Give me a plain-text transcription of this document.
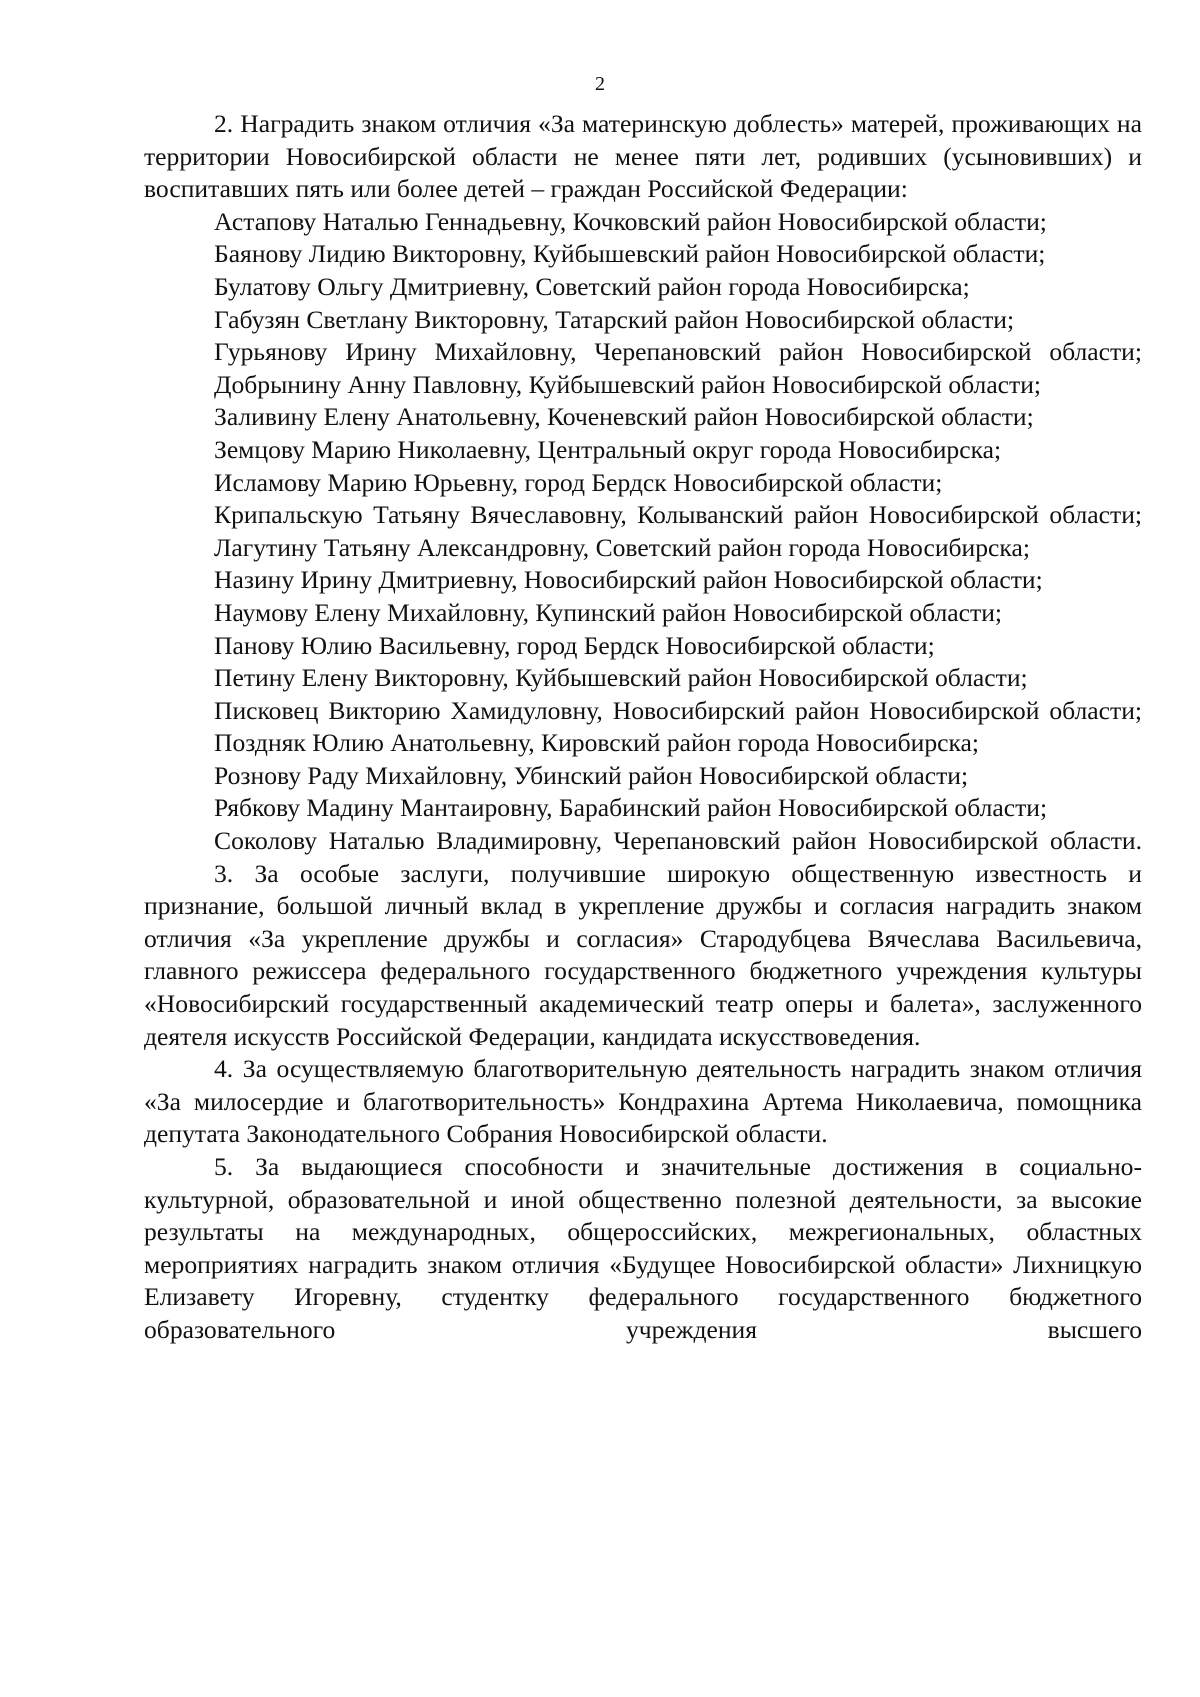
2

2. Наградить знаком отличия «За материнскую доблесть» матерей, проживающих на территории Новосибирской области не менее пяти лет, родивших (усыновивших) и воспитавших пять или более детей – граждан Российской Федерации:

Астапову Наталью Геннадьевну, Кочковский район Новосибирской области;

Баянову Лидию Викторовну, Куйбышевский район Новосибирской области;

Булатову Ольгу Дмитриевну, Советский район города Новосибирска;

Габузян Светлану Викторовну, Татарский район Новосибирской области;

Гурьянову Ирину Михайловну, Черепановский район Новосибирской области;

Добрынину Анну Павловну, Куйбышевский район Новосибирской области;

Заливину Елену Анатольевну, Коченевский район Новосибирской области;

Земцову Марию Николаевну, Центральный округ города Новосибирска;

Исламову Марию Юрьевну, город Бердск Новосибирской области;

Крипальскую Татьяну Вячеславовну, Колыванский район Новосибирской области;

Лагутину Татьяну Александровну, Советский район города Новосибирска;

Назину Ирину Дмитриевну, Новосибирский район Новосибирской области;

Наумову Елену Михайловну, Купинский район Новосибирской области;

Панову Юлию Васильевну, город Бердск Новосибирской области;

Петину Елену Викторовну, Куйбышевский район Новосибирской области;

Писковец Викторию Хамидуловну, Новосибирский район Новосибирской области;

Поздняк Юлию Анатольевну, Кировский район города Новосибирска;

Рознову Раду Михайловну, Убинский район Новосибирской области;

Рябкову Мадину Мантаировну, Барабинский район Новосибирской области;

Соколову Наталью Владимировну, Черепановский район Новосибирской области.

3. За особые заслуги, получившие широкую общественную известность и признание, большой личный вклад в укрепление дружбы и согласия наградить знаком отличия «За укрепление дружбы и согласия» Стародубцева Вячеслава Васильевича, главного режиссера федерального государственного бюджетного учреждения культуры «Новосибирский государственный академический театр оперы и балета», заслуженного деятеля искусств Российской Федерации, кандидата искусствоведения.

4. За осуществляемую благотворительную деятельность наградить знаком отличия «За милосердие и благотворительность» Кондрахина Артема Николаевича, помощника депутата Законодательного Собрания Новосибирской области.

5. За выдающиеся способности и значительные достижения в социально-культурной, образовательной и иной общественно полезной деятельности, за высокие результаты на международных, общероссийских, межрегиональных, областных мероприятиях наградить знаком отличия «Будущее Новосибирской области» Лихницкую Елизавету Игоревну, студентку федерального государственного бюджетного образовательного учреждения высшего
